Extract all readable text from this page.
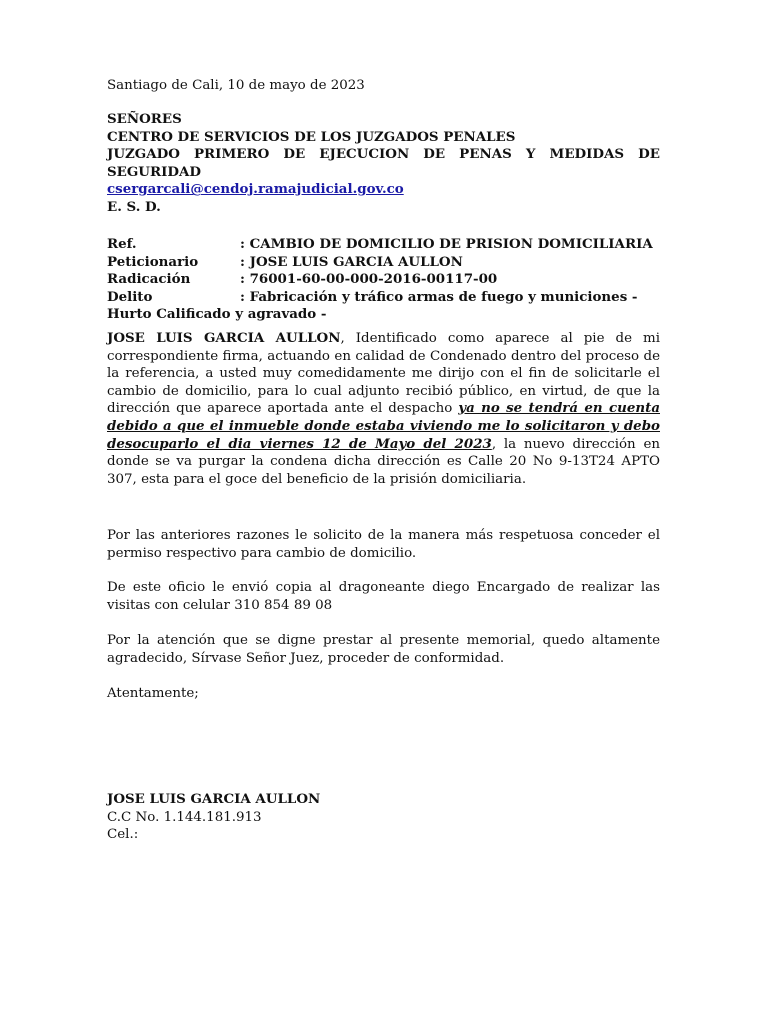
Santiago de Cali, 10 de mayo de 2023

SEÑORES
CENTRO DE SERVICIOS DE LOS JUZGADOS PENALES
JUZGADO PRIMERO DE EJECUCION DE PENAS Y MEDIDAS DE
SEGURIDAD
csergarcali@cendoj.ramajudicial.gov.co
E. S. D.
Ref.	: CAMBIO DE DOMICILIO DE PRISION DOMICILIARIA
Peticionario	: JOSE LUIS GARCIA AULLON
Radicación	: 76001-60-00-000-2016-00117-00
Delito	: Fabricación y tráfico armas de fuego y municiones -
Hurto Calificado y agravado -

JOSE LUIS GARCIA AULLON, Identificado como aparece al pie de mi correspondiente firma, actuando en calidad de Condenado dentro del proceso de la referencia, a usted muy comedidamente me dirijo con el fin de solicitarle el cambio de domicilio, para lo cual adjunto recibió público, en virtud, de que la dirección que aparece aportada ante el despacho ya no se tendrá en cuenta debido a que el inmueble donde estaba viviendo me lo solicitaron y debo desocuparlo el dia viernes 12 de Mayo del 2023, la nuevo dirección en donde se va purgar la condena dicha dirección es Calle 20 No 9-13T24 APTO 307, esta para el goce del beneficio de la prisión domiciliaria.

Por las anteriores razones le solicito de la manera más respetuosa conceder el permiso respectivo para cambio de domicilio.

De este oficio le envió copia al dragoneante diego Encargado de realizar las visitas con celular 310 854 89 08

Por la atención que se digne prestar al presente memorial, quedo altamente agradecido, Sírvase Señor Juez, proceder de conformidad.

Atentamente;

JOSE LUIS GARCIA AULLON
C.C No. 1.144.181.913
Cel.:
